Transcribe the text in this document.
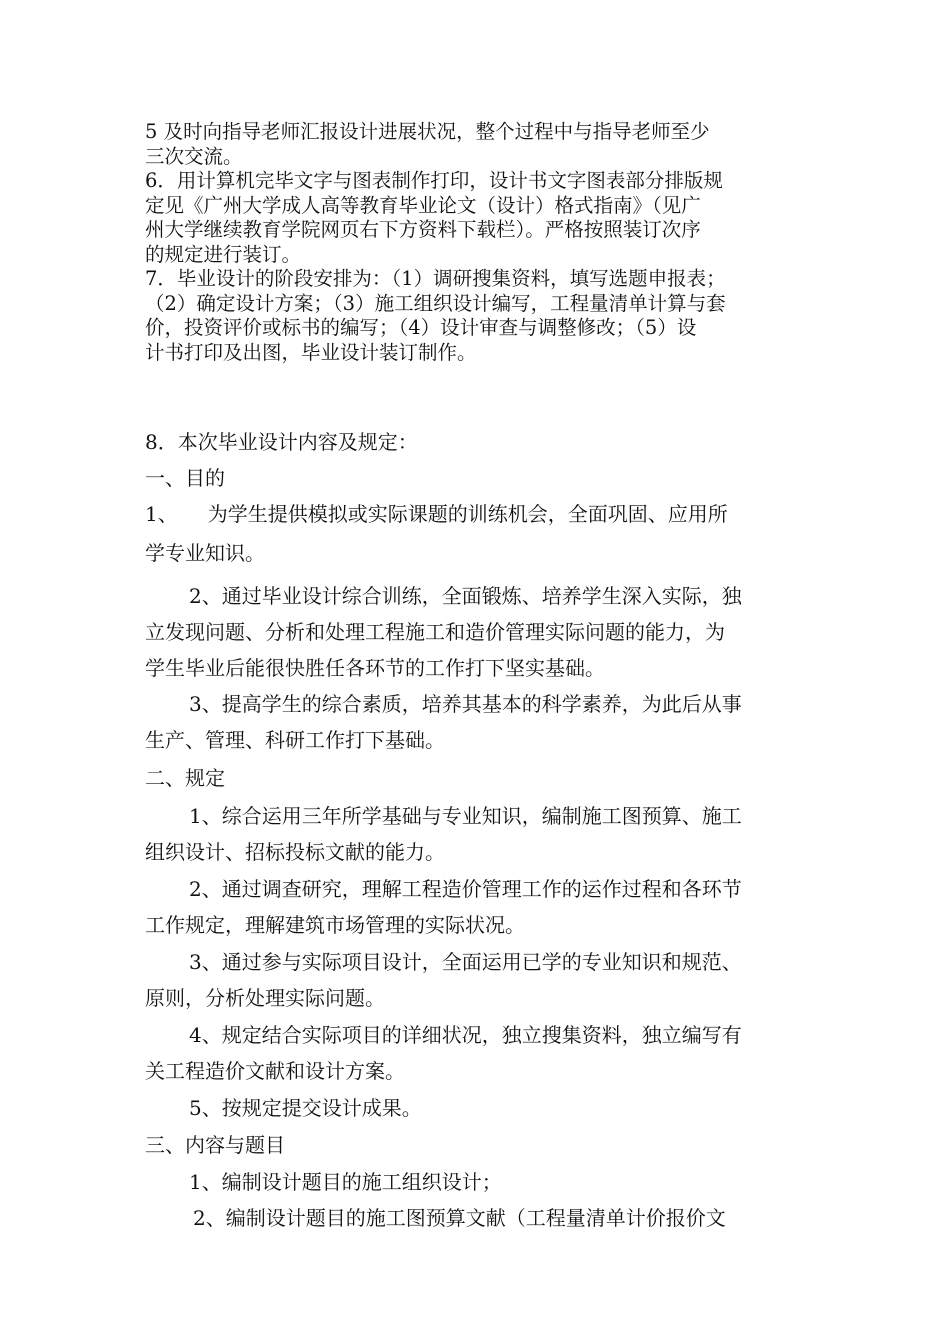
5 及时向指导老师汇报设计进展状况，整个过程中与指导老师至少

三次交流。

6．用计算机完毕文字与图表制作打印，设计书文字图表部分排版规

定见《广州大学成人高等教育毕业论文（设计）格式指南》（见广

州大学继续教育学院网页右下方资料下载栏）。严格按照装订次序

的规定进行装订。

7．毕业设计的阶段安排为：（1）调研搜集资料，填写选题申报表；

（2）确定设计方案；（3）施工组织设计编写，工程量清单计算与套

价，投资评价或标书的编写；（4）设计审查与调整修改；（5）设

计书打印及出图，毕业设计装订制作。

8．本次毕业设计内容及规定：
一、目的
1、　　为学生提供模拟或实际课题的训练机会，全面巩固、应用所
学专业知识。
2、通过毕业设计综合训练，全面锻炼、培养学生深入实际，独
立发现问题、分析和处理工程施工和造价管理实际问题的能力，为
学生毕业后能很快胜任各环节的工作打下坚实基础。
3、提高学生的综合素质，培养其基本的科学素养，为此后从事
生产、管理、科研工作打下基础。
二、规定
1、综合运用三年所学基础与专业知识，编制施工图预算、施工
组织设计、招标投标文献的能力。
2、通过调查研究，理解工程造价管理工作的运作过程和各环节
工作规定，理解建筑市场管理的实际状况。
3、通过参与实际项目设计，全面运用已学的专业知识和规范、
原则，分析处理实际问题。
4、规定结合实际项目的详细状况，独立搜集资料，独立编写有
关工程造价文献和设计方案。
5、按规定提交设计成果。
三、内容与题目
1、编制设计题目的施工组织设计；
2、编制设计题目的施工图预算文献（工程量清单计价报价文
